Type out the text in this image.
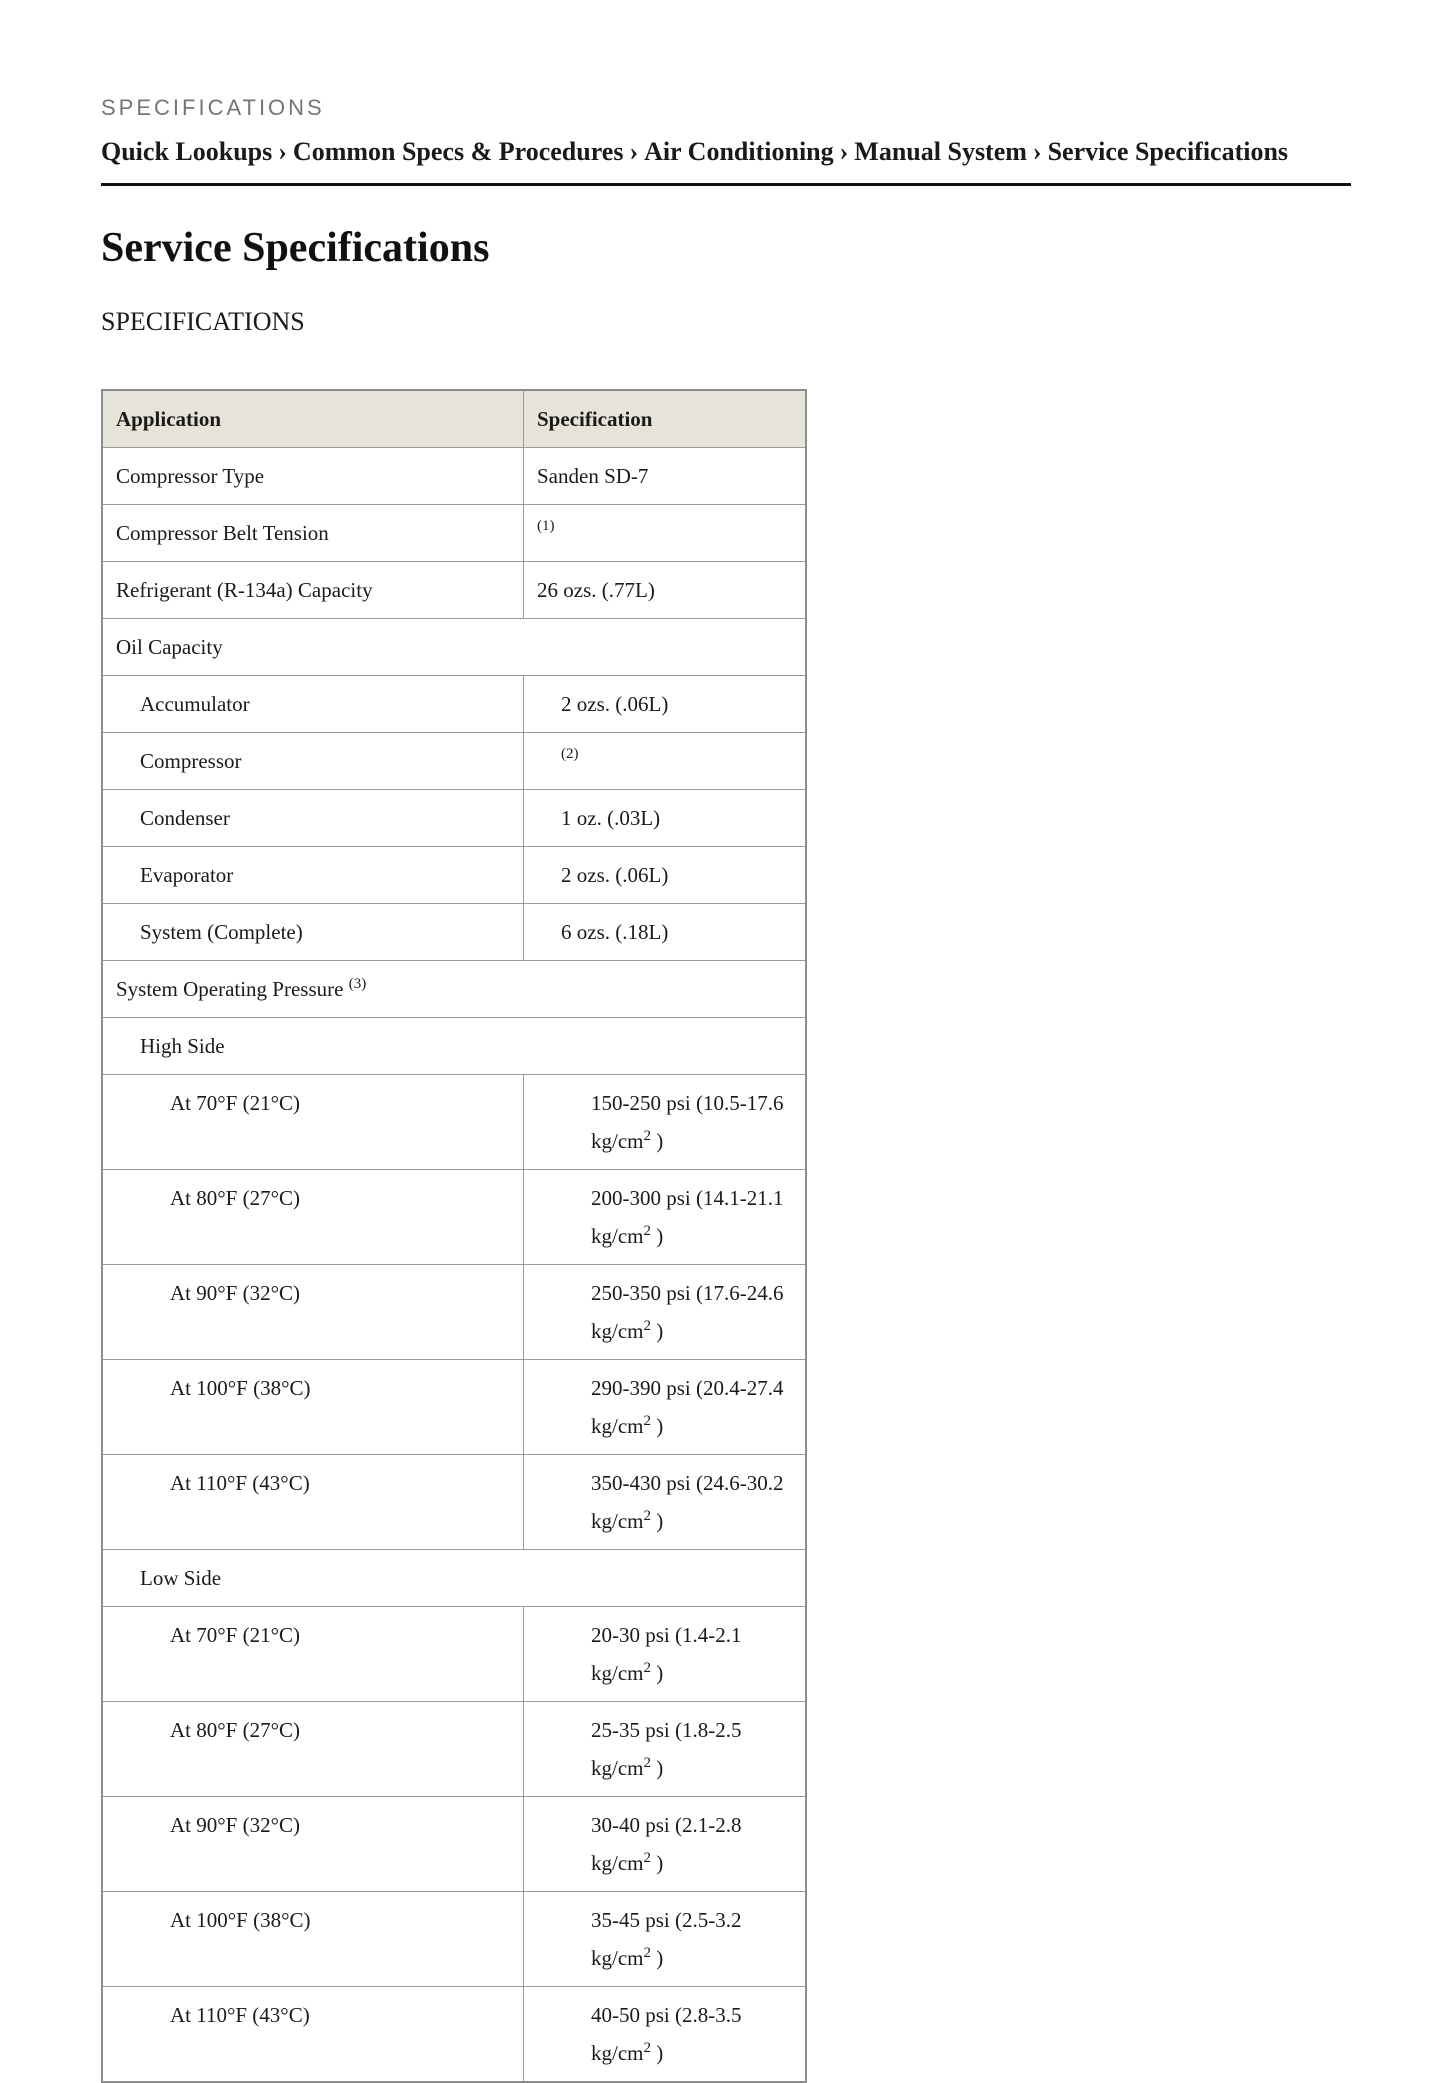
SPECIFICATIONS
Quick Lookups › Common Specs & Procedures › Air Conditioning › Manual System › Service Specifications
Service Specifications
SPECIFICATIONS
Application	Specification
Compressor Type	Sanden SD-7
Compressor Belt Tension	$^{(1)}$
Refrigerant (R-134a) Capacity	26 ozs. (.77L)
Oil Capacity	
Accumulator	2 ozs. (.06L)
Compressor	$^{(2)}$
Condenser	1 oz. (.03L)
Evaporator	2 ozs. (.06L)
System (Complete)	6 ozs. (.18L)
System Operating Pressure $^{(3)}$
High Side	
At 70°F (21°C)	150-250 psi (10.5-17.6
$kg/cm^2$ )
At 80°F (27°C)	200-300 psi (14.1-21.1
$kg/cm^2$ )
At 90°F (32°C)	250-350 psi (17.6-24.6
$kg/cm^2$ )
At 100°F (38°C)	290-390 psi (20.4-27.4
$kg/cm^2$ )
At 110°F (43°C)	350-430 psi (24.6-30.2
$kg/cm^2$ )
Low Side	
At 70°F (21°C)	20-30 psi (1.4-2.1 $kg/cm^2$ )
At 80°F (27°C)	25-35 psi (1.8-2.5 $kg/cm^2$ )
At 90°F (32°C)	30-40 psi (2.1-2.8 $kg/cm^2$ )
At 100°F (38°C)	35-45 psi (2.5-3.2 $kg/cm^2$ )
At 110°F (43°C)	40-50 psi (2.8-3.5 $kg/cm^2$ )
